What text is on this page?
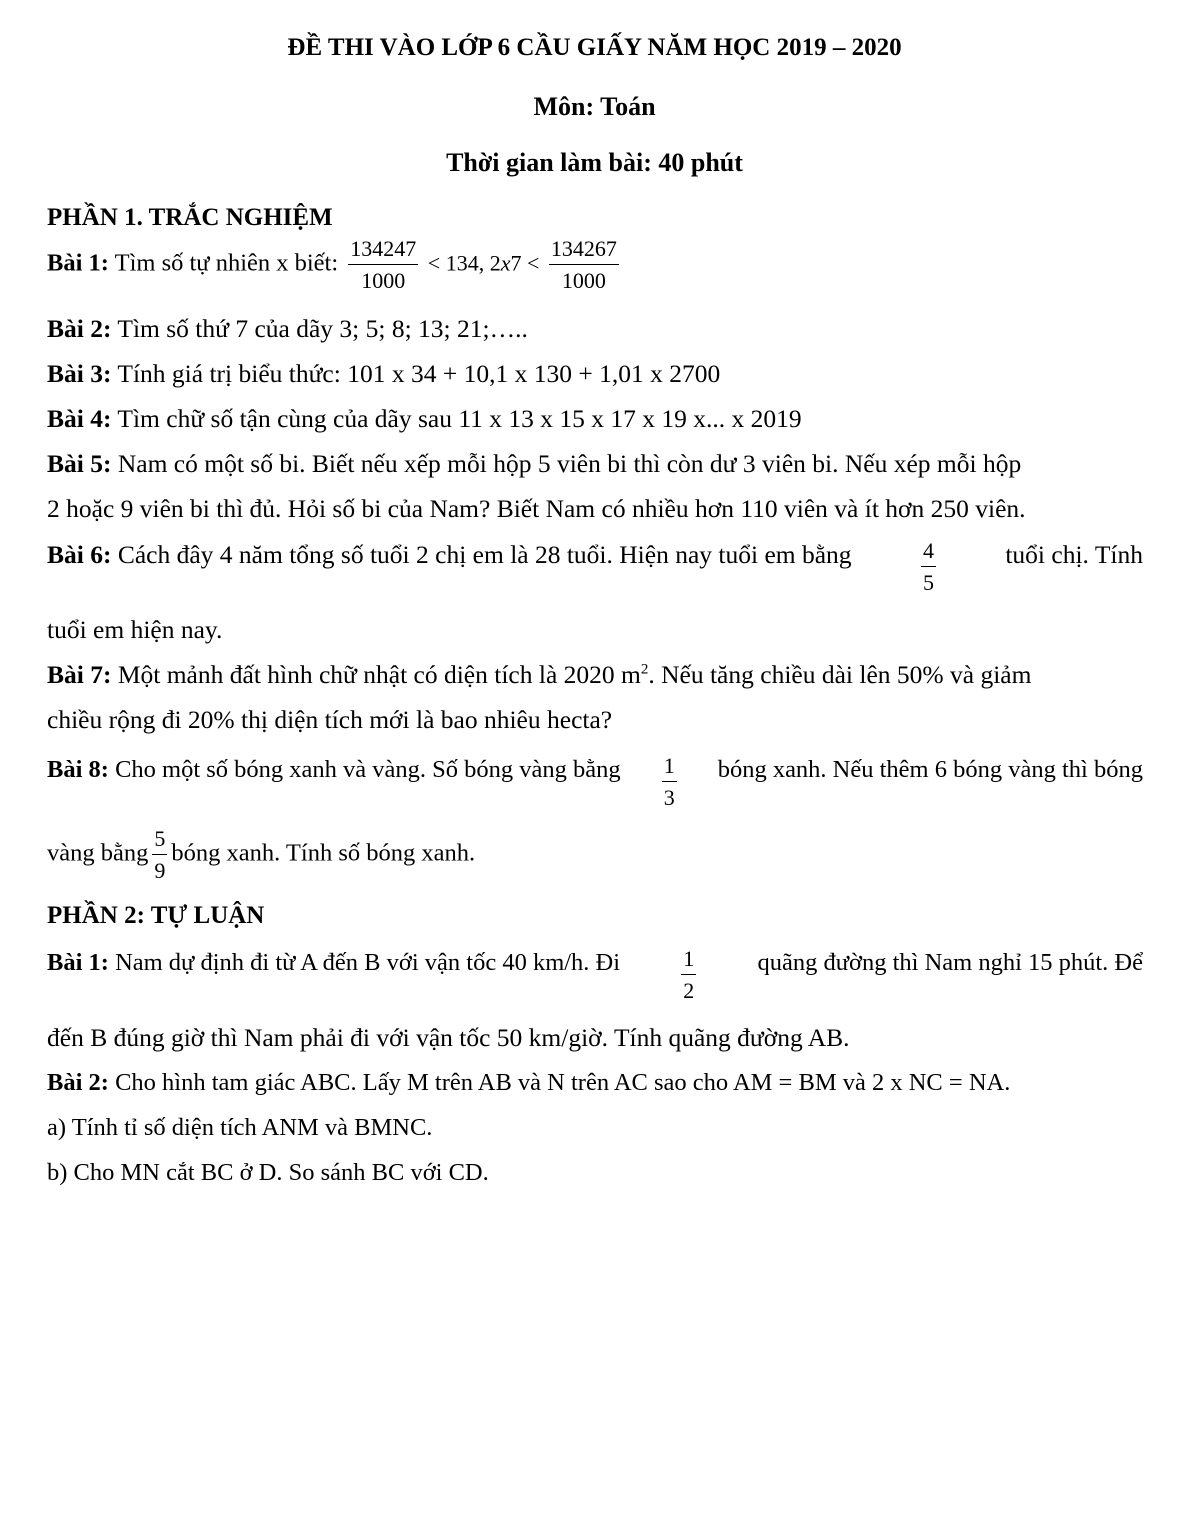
ĐỀ THI VÀO LỚP 6 CẦU GIẤY NĂM HỌC 2019 – 2020
Môn: Toán
Thời gian làm bài: 40 phút
PHẦN 1. TRẮC NGHIỆM
Bài 1: Tìm số tự nhiên x biết: $\frac{134247}{1000} < 134$, $2x7 < \frac{134267}{1000}$
Bài 2: Tìm số thứ 7 của dãy 3; 5; 8; 13; 21;…..
Bài 3: Tính giá trị biểu thức: 101 x 34 + 10,1 x 130 + 1,01 x 2700
Bài 4: Tìm chữ số tận cùng của dãy sau 11 x 13 x 15 x 17 x 19 x... x 2019
Bài 5: Nam có một số bi. Biết nếu xếp mỗi hộp 5 viên bi thì còn dư 3 viên bi. Nếu xép mỗi hộp
2 hoặc 9 viên bi thì đủ. Hỏi số bi của Nam? Biết Nam có nhiều hơn 110 viên và ít hơn 250 viên.
Bài 6: Cách đây 4 năm tổng số tuổi 2 chị em là 28 tuổi. Hiện nay tuổi em bằng	$\frac{4}{5}$	tuổi chị. Tính
tuổi em hiện nay.
Bài 7: Một mảnh đất hình chữ nhật có diện tích là 2020 $m^2$. Nếu tăng chiều dài lên 50% và giảm
chiều rộng đi 20% thị diện tích mới là bao nhiêu hecta?
Bài 8: Cho một số bóng xanh và vàng. Số bóng vàng bằng $\frac{1}{3}$ bóng xanh. Nếu thêm 6 bóng vàng thì bóng
vàng bằng $\frac{5}{9}$ bóng xanh. Tính số bóng xanh.
PHẦN 2: TỰ LUẬN
Bài 1: Nam dự định đi từ A đến B với vận tốc 40 km/h. Đi	$\frac{1}{2}$ quãng đường thì Nam nghỉ 15 phút. Để
đến B đúng giờ thì Nam phải đi với vận tốc 50 km/giờ. Tính quãng đường AB.
Bài 2: Cho hình tam giác ABC. Lấy M trên AB và N trên AC sao cho AM = BM và 2 x NC = NA.
a) Tính tỉ số diện tích ANM và BMNC.
b) Cho MN cắt BC ở D. So sánh BC với CD.
